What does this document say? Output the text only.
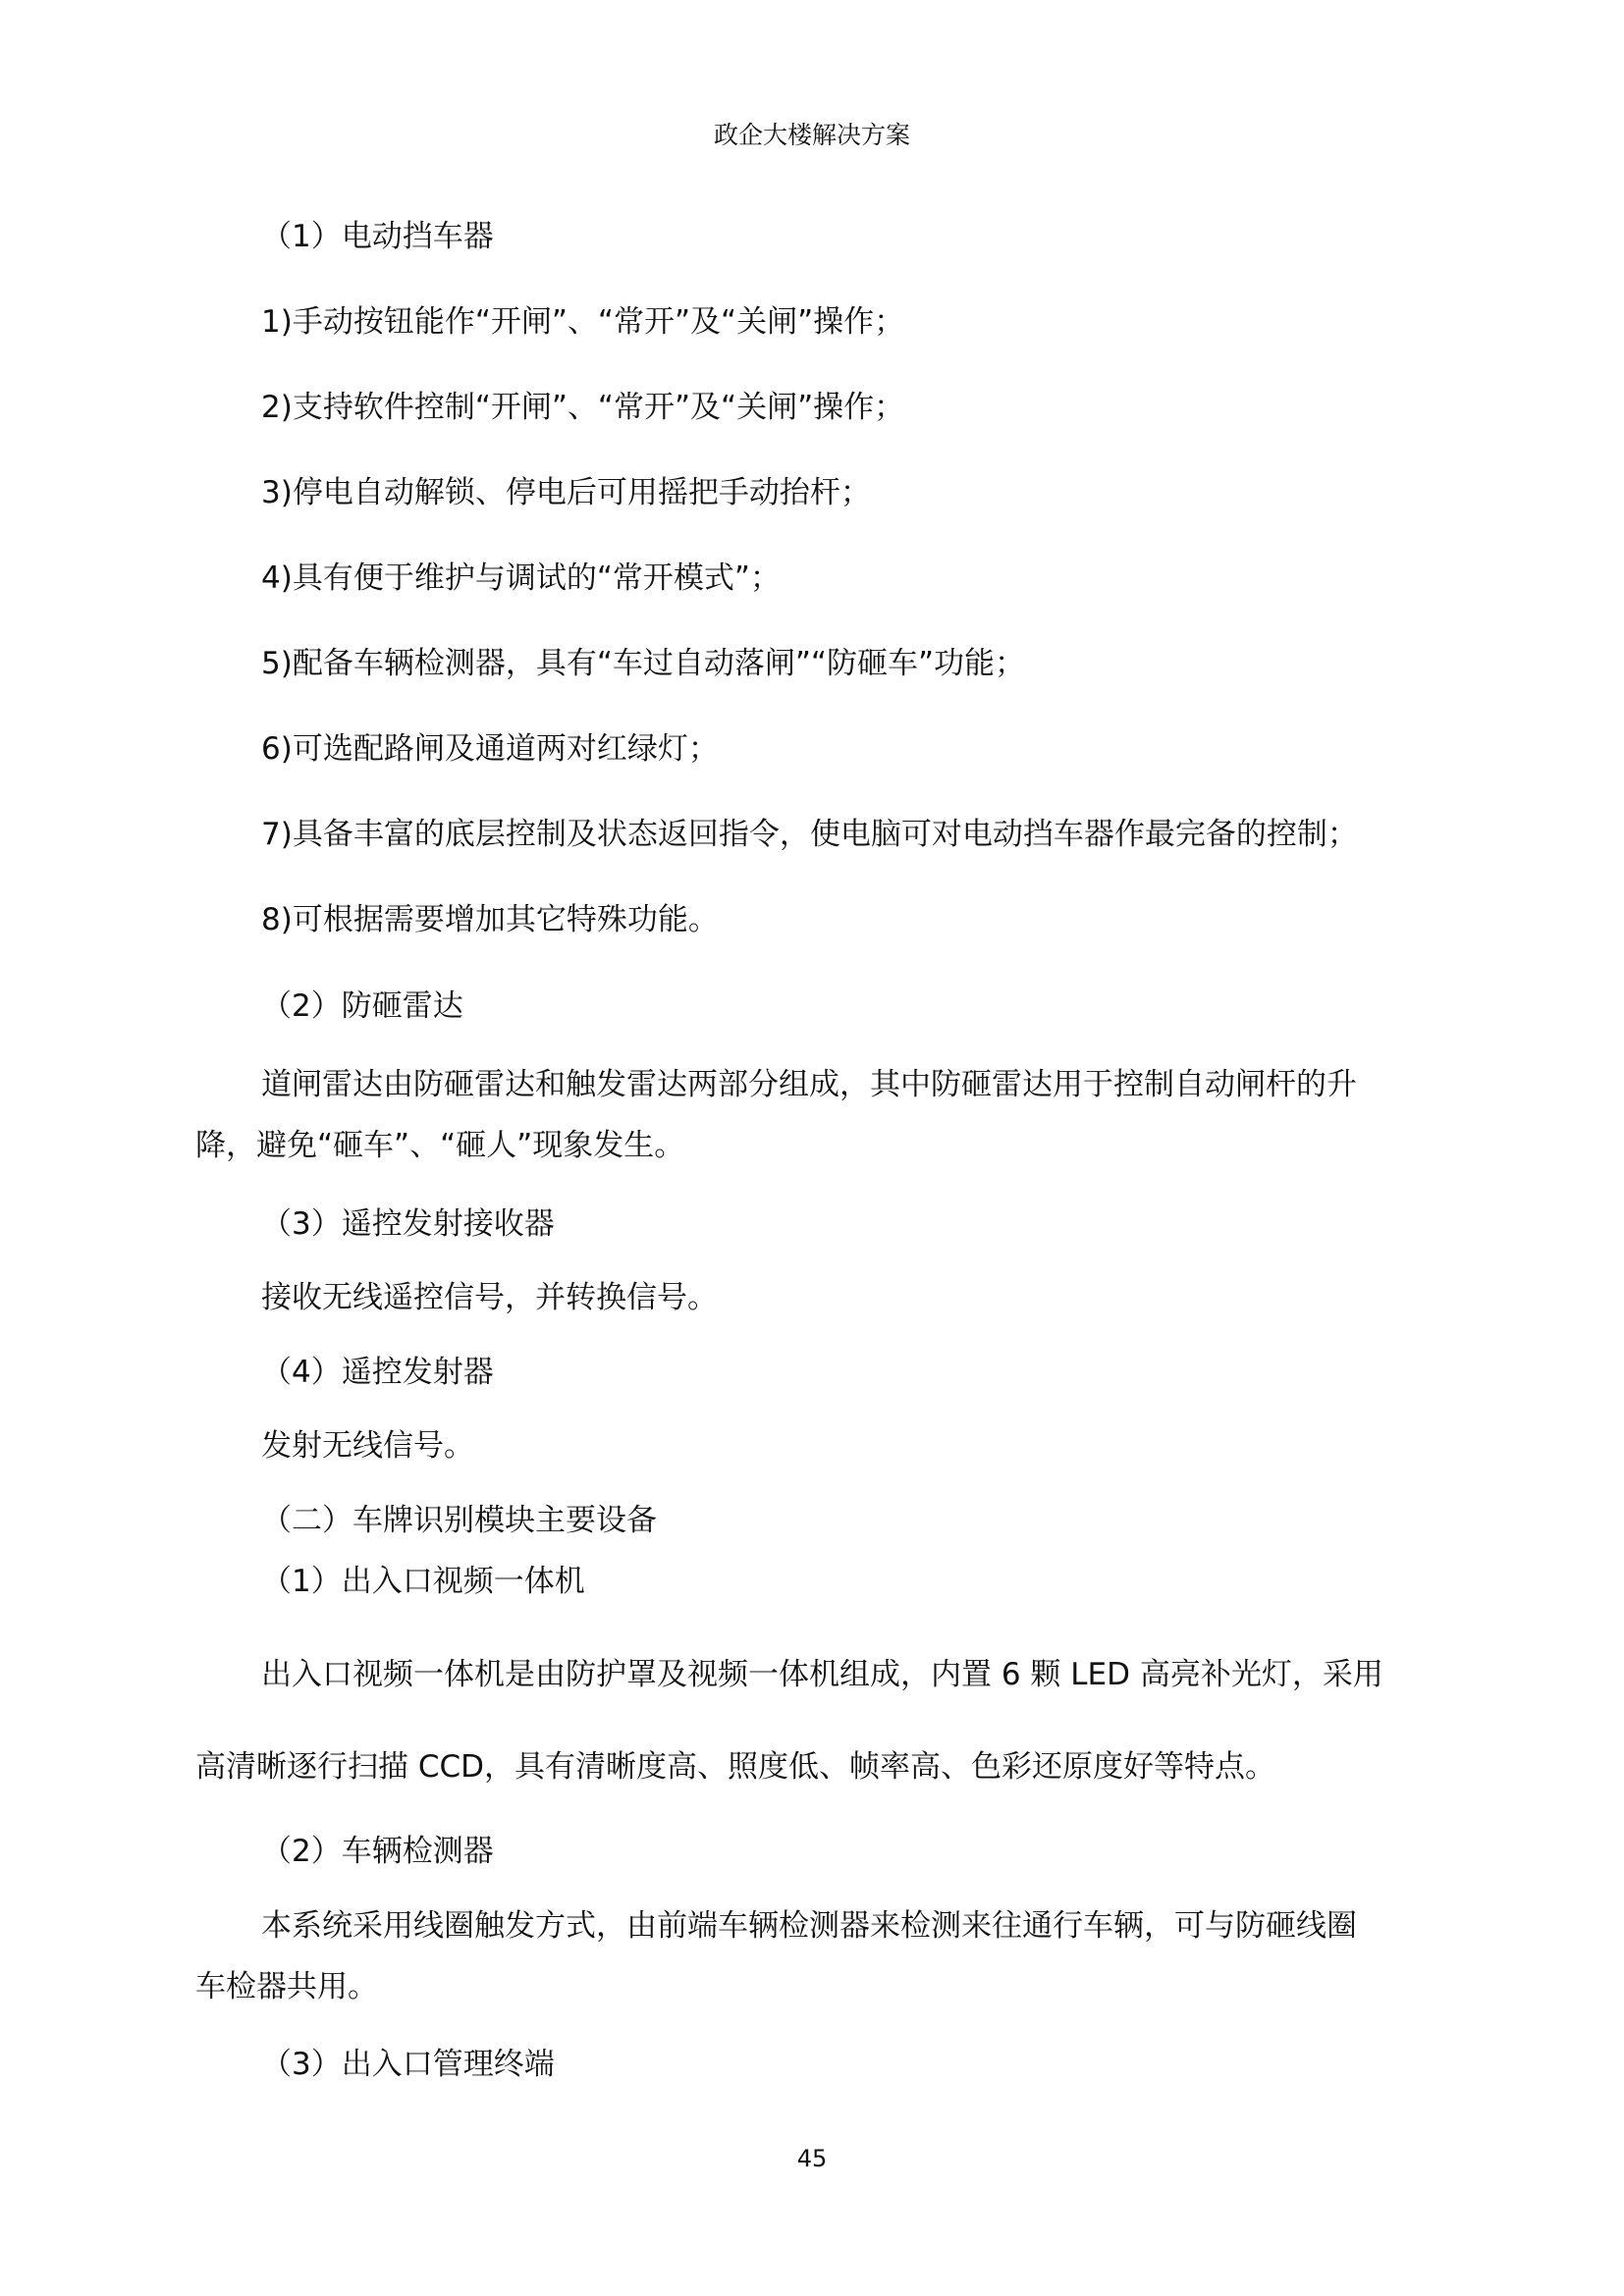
政企大楼解决方案
（1）电动挡车器
1)手动按钮能作“开闸”、“常开”及“关闸”操作；
2)支持软件控制“开闸”、“常开”及“关闸”操作；
3)停电自动解锁、停电后可用摇把手动抬杆；
4)具有便于维护与调试的“常开模式”；
5)配备车辆检测器，具有“车过自动落闸”“防砸车”功能；
6)可选配路闸及通道两对红绿灯；
7)具备丰富的底层控制及状态返回指令，使电脑可对电动挡车器作最完备的控制；
8)可根据需要增加其它特殊功能。
（2）防砸雷达
道闸雷达由防砸雷达和触发雷达两部分组成，其中防砸雷达用于控制自动闸杆的升
降，避免“砸车”、“砸人”现象发生。
（3）遥控发射接收器
接收无线遥控信号，并转换信号。
（4）遥控发射器
发射无线信号。
（二）车牌识别模块主要设备
（1）出入口视频一体机
出入口视频一体机是由防护罩及视频一体机组成，内置 6 颗 LED 高亮补光灯，采用
高清晰逐行扫描 CCD，具有清晰度高、照度低、帧率高、色彩还原度好等特点。
（2）车辆检测器
本系统采用线圈触发方式，由前端车辆检测器来检测来往通行车辆，可与防砸线圈
车检器共用。
（3）出入口管理终端
45
